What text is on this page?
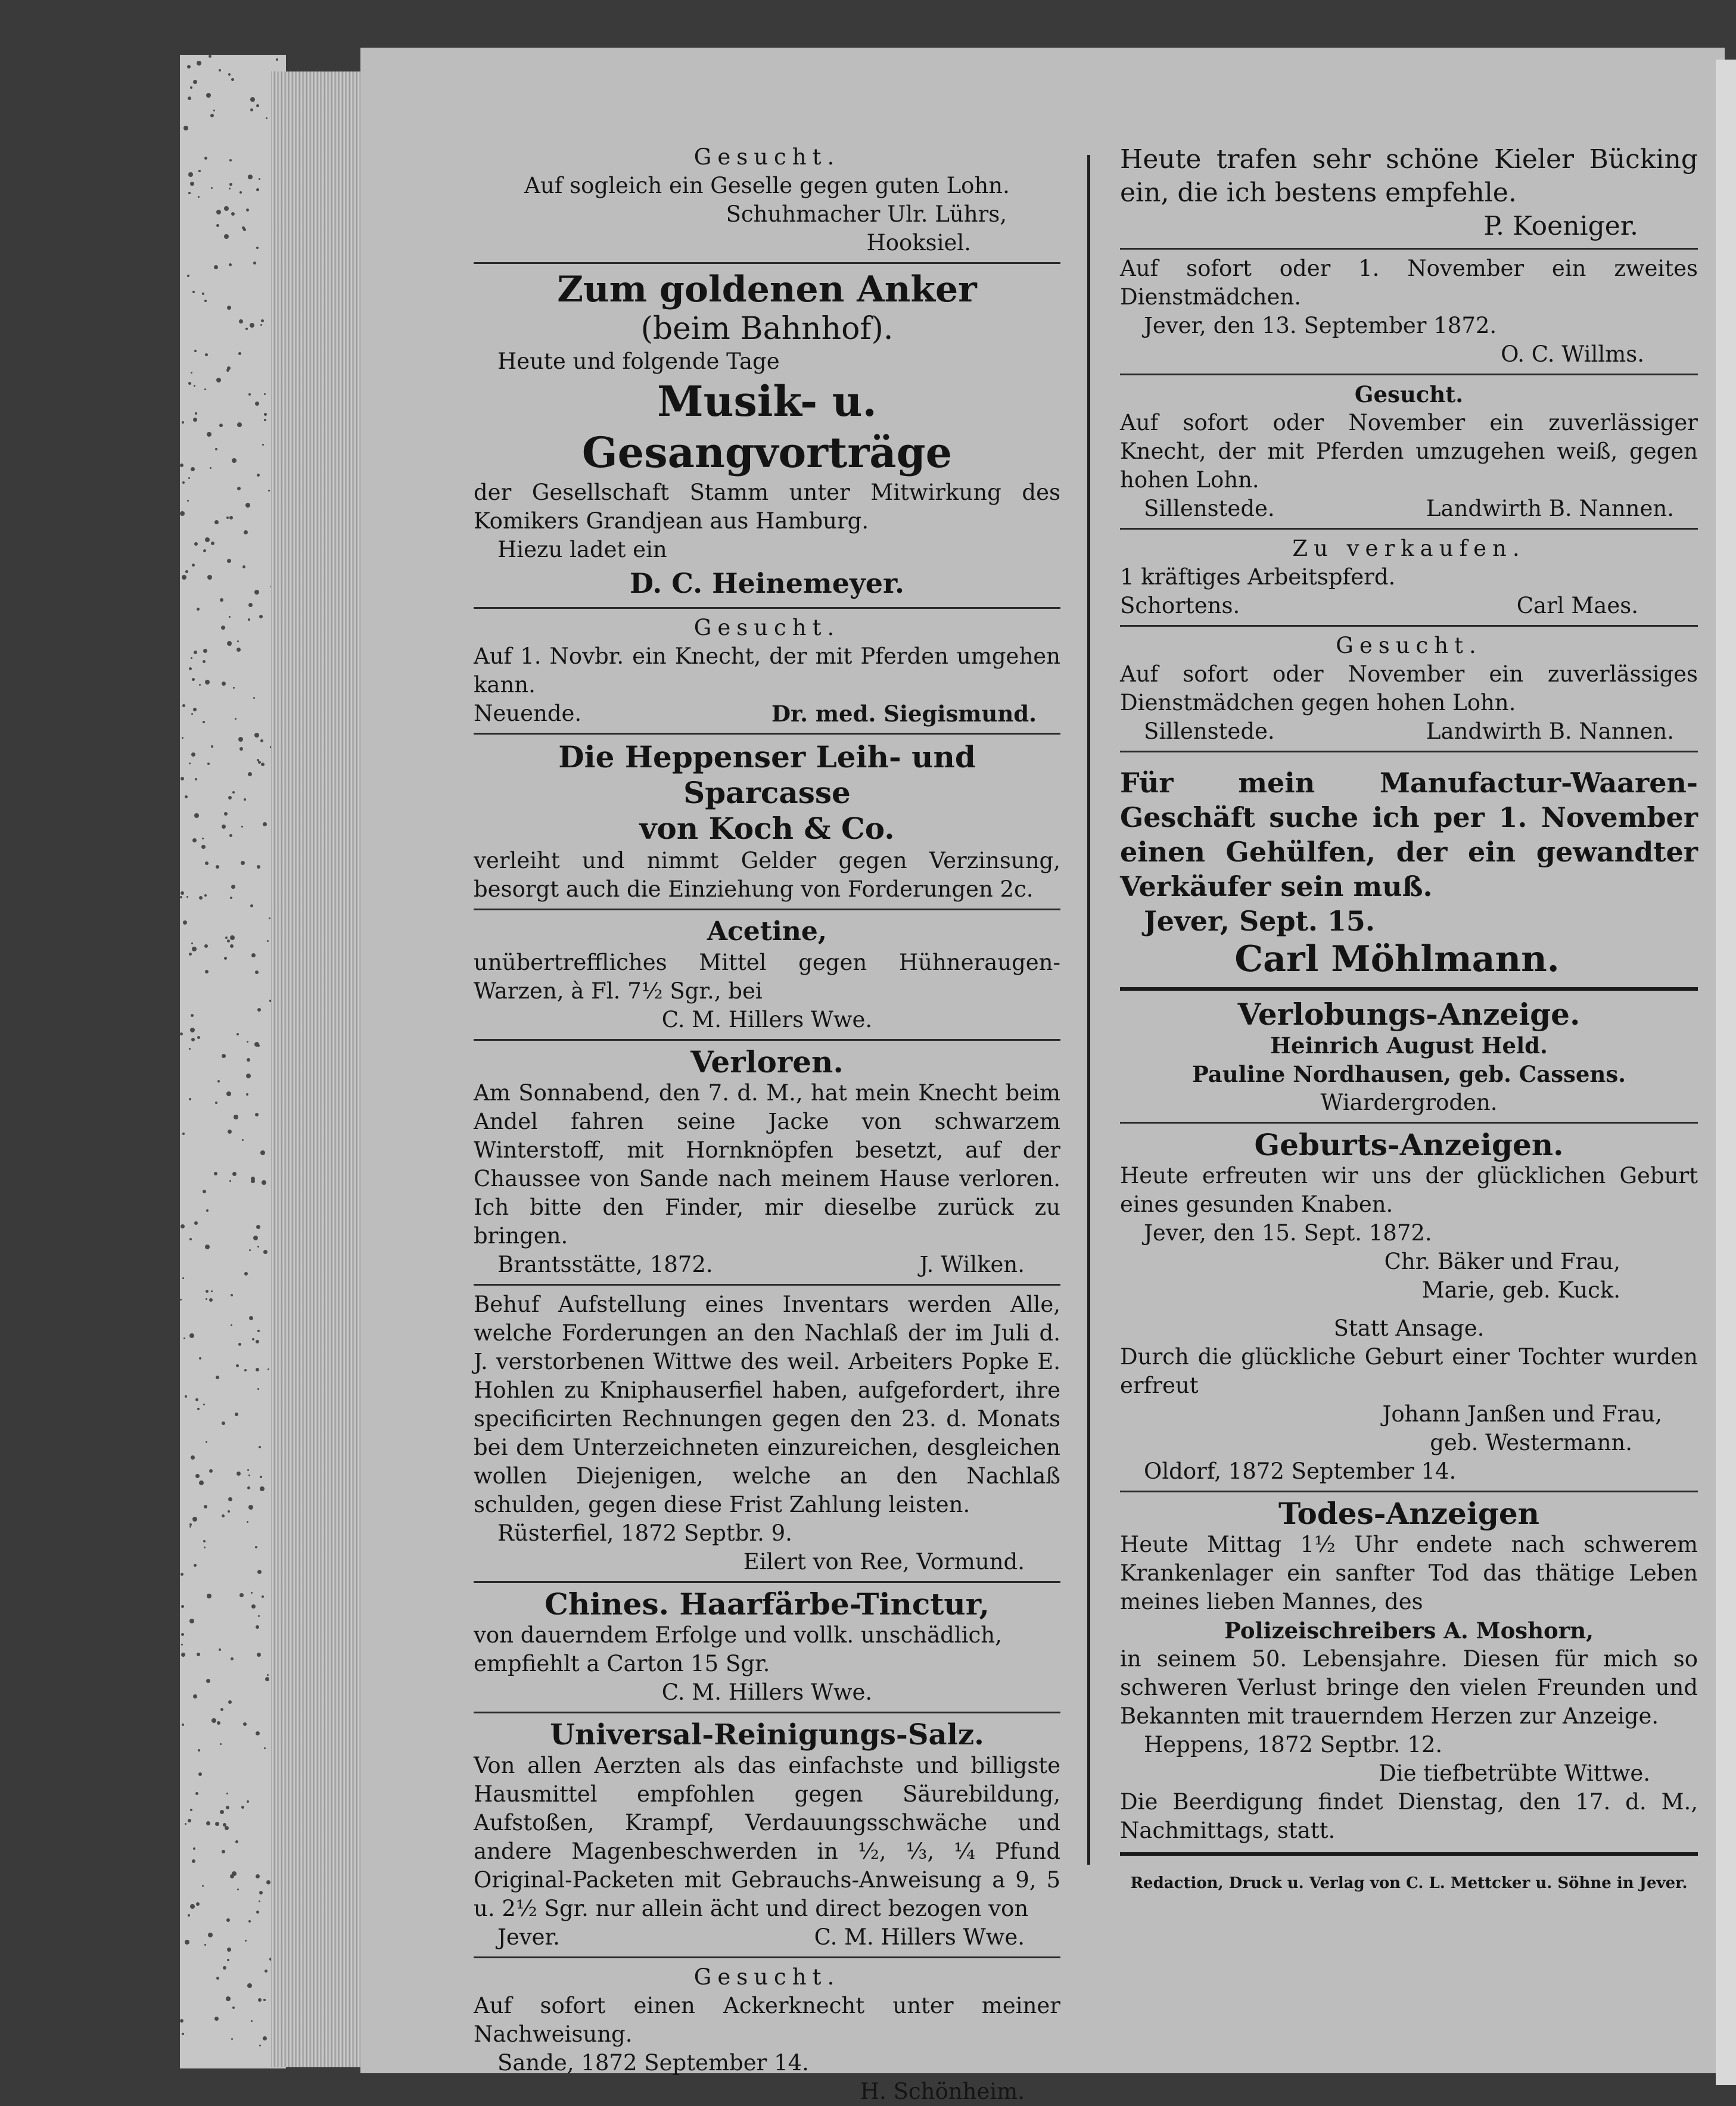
Gesucht.

Auf sogleich ein Geselle gegen guten Lohn.

Schuhmacher Ulr. Lührs,

Hooksiel.

Zum goldenen Anker

(beim Bahnhof).

Heute und folgende Tage

Musik- u. Gesangvorträge

der Gesellschaft Stamm unter Mitwirkung des Komikers Grandjean aus Hamburg.

Hiezu ladet ein

D. C. Heinemeyer.

Gesucht.

Auf 1. Novbr. ein Knecht, der mit Pferden umgehen kann.

Neuende.	Dr. med. Siegismund.

Die Heppenser Leih- und Sparcasse

von Koch & Co.

verleiht und nimmt Gelder gegen Verzinsung, besorgt auch die Einziehung von Forderungen 2c.

Acetine,

unübertreffliches Mittel gegen Hühneraugen-Warzen, à Fl. 7½ Sgr., bei

C. M. Hillers Wwe.

Verloren.

Am Sonnabend, den 7. d. M., hat mein Knecht beim Andel fahren seine Jacke von schwarzem Winterstoff, mit Hornknöpfen besetzt, auf der Chaussee von Sande nach meinem Hause verloren. Ich bitte den Finder, mir dieselbe zurück zu bringen.

Brantsstätte, 1872.	J. Wilken.

Behuf Aufstellung eines Inventars werden Alle, welche Forderungen an den Nachlaß der im Juli d. J. verstorbenen Wittwe des weil. Arbeiters Popke E. Hohlen zu Kniphauserfiel haben, aufgefordert, ihre specificirten Rechnungen gegen den 23. d. Monats bei dem Unterzeichneten einzureichen, desgleichen wollen Diejenigen, welche an den Nachlaß schulden, gegen diese Frist Zahlung leisten.

Rüsterfiel, 1872 Septbr. 9.

Eilert von Ree, Vormund.

Chines. Haarfärbe-Tinctur,

von dauerndem Erfolge und vollk. unschädlich,

empfiehlt a Carton 15 Sgr.

C. M. Hillers Wwe.

Universal-Reinigungs-Salz.

Von allen Aerzten als das einfachste und billigste Hausmittel empfohlen gegen Säurebildung, Aufstoßen, Krampf, Verdauungsschwäche und andere Magenbeschwerden in ½, ⅓, ¼ Pfund Original-Packeten mit Gebrauchs-Anweisung a 9, 5 u. 2½ Sgr. nur allein ächt und direct bezogen von

Jever.	C. M. Hillers Wwe.

Gesucht.

Auf sofort einen Ackerknecht unter meiner Nachweisung.

Sande, 1872 September 14.

H. Schönheim.

Heute trafen sehr schöne Kieler Bücking ein, die ich bestens empfehle.

P. Koeniger.

Auf sofort oder 1. November ein zweites Dienstmädchen.

Jever, den 13. September 1872.

O. C. Willms.

Gesucht.

Auf sofort oder November ein zuverlässiger Knecht, der mit Pferden umzugehen weiß, gegen hohen Lohn.

Sillenstede.	Landwirth B. Nannen.

Zu verkaufen.

1 kräftiges Arbeitspferd.

Schortens.	Carl Maes.

Gesucht.

Auf sofort oder November ein zuverlässiges Dienstmädchen gegen hohen Lohn.

Sillenstede.	Landwirth B. Nannen.

Für mein Manufactur-Waaren-Geschäft suche ich per 1. November einen Gehülfen, der ein gewandter Verkäufer sein muß.

Jever, Sept. 15.

Carl Möhlmann.

Verlobungs-Anzeige.

Heinrich August Held.

Pauline Nordhausen, geb. Cassens.

Wiardergroden.

Geburts-Anzeigen.

Heute erfreuten wir uns der glücklichen Geburt eines gesunden Knaben.

Jever, den 15. Sept. 1872.

Chr. Bäker und Frau,

Marie, geb. Kuck.

Statt Ansage.

Durch die glückliche Geburt einer Tochter wurden erfreut

Johann Janßen und Frau,

geb. Westermann.

Oldorf, 1872 September 14.

Todes-Anzeigen

Heute Mittag 1½ Uhr endete nach schwerem Krankenlager ein sanfter Tod das thätige Leben meines lieben Mannes, des

Polizeischreibers A. Moshorn,

in seinem 50. Lebensjahre. Diesen für mich so schweren Verlust bringe den vielen Freunden und Bekannten mit trauerndem Herzen zur Anzeige.

Heppens, 1872 Septbr. 12.

Die tiefbetrübte Wittwe.

Die Beerdigung findet Dienstag, den 17. d. M., Nachmittags, statt.

Redaction, Druck u. Verlag von C. L. Mettcker u. Söhne in Jever.
